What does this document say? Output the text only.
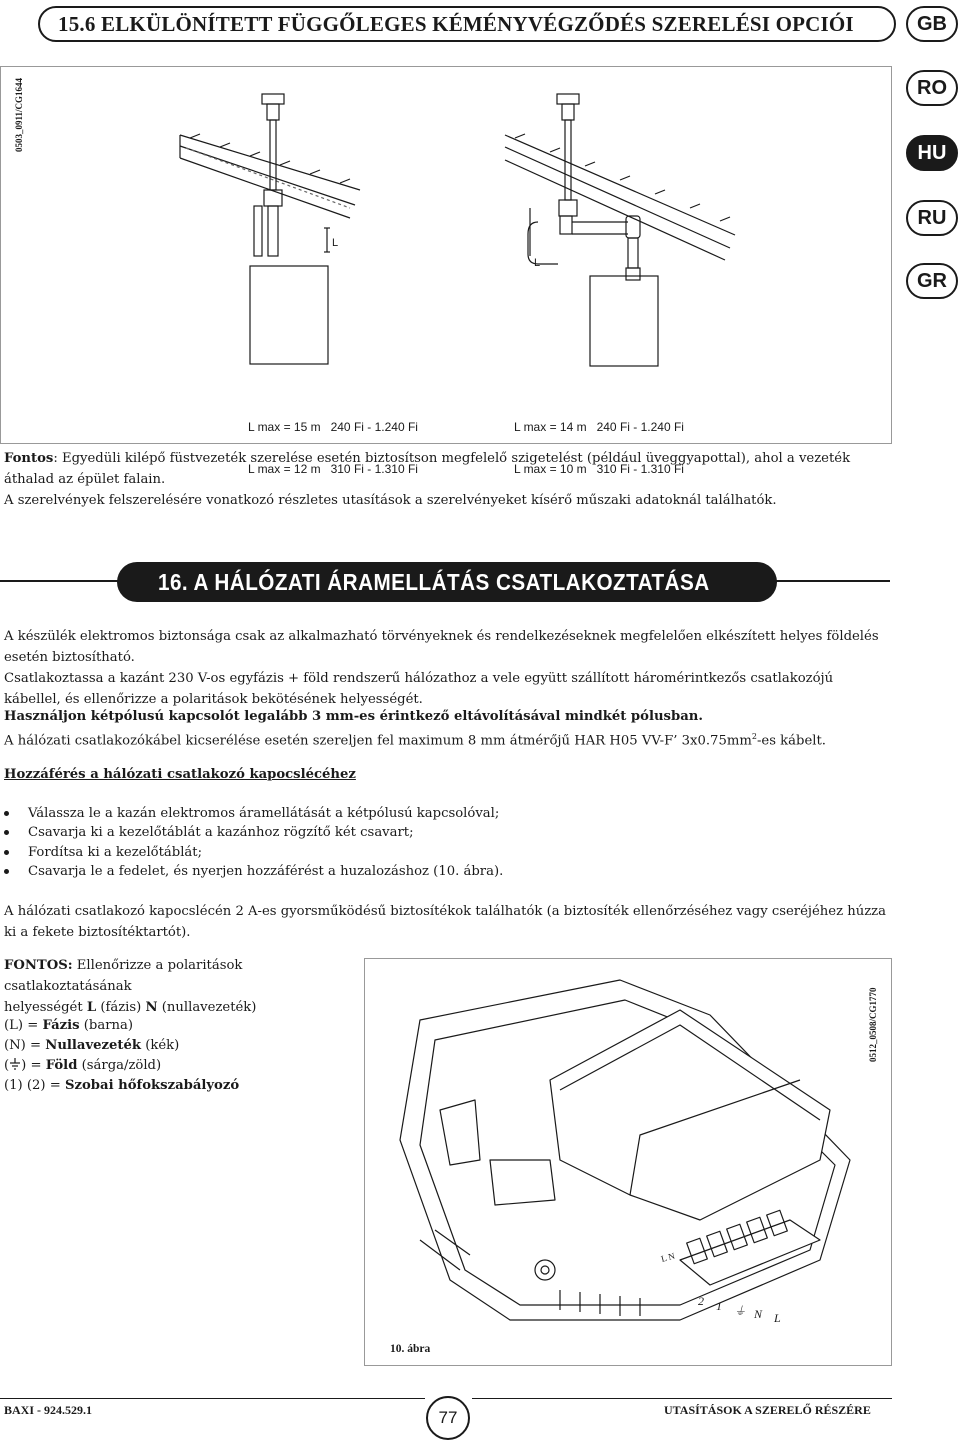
15.6 ELKÜLÖNÍTETT FÜGGŐLEGES KÉMÉNYVÉGZŐDÉS SZERELÉSI OPCIÓI	GB
RO
HU
RU
GR
0503_0911/CG1644
L
L

L max = 15 m   240 Fi - 1.240 Fi

L max = 12 m   310 Fi - 1.310 Fi

L max = 14 m   240 Fi - 1.240 Fi

L max = 10 m   310 Fi - 1.310 Fi

Fontos: Egyedüli kilépő füstvezeték szerelése esetén biztosítson megfelelő szigetelést (például üveggyapottal), ahol a vezeték áthalad az épület falain.
A szerelvények felszerelésére vonatkozó részletes utasítások a szerelvényeket kísérő műszaki adatoknál találhatók.
16. A HÁLÓZATI ÁRAMELLÁTÁS CSATLAKOZTATÁSA
A készülék elektromos biztonsága csak az alkalmazható törvényeknek és rendelkezéseknek megfelelően elkészített helyes földelés esetén biztosítható.
Csatlakoztassa a kazánt 230 V-os egyfázis + föld rendszerű hálózathoz a vele együtt szállított háromérintkezős csatlakozójú kábellel, és ellenőrizze a polaritások bekötésének helyességét.
Használjon kétpólusú kapcsolót legalább 3 mm-es érintkező eltávolításával mindkét pólusban.
A hálózati csatlakozókábel kicserélése esetén szereljen fel maximum 8 mm átmérőjű HAR H05 VV-F’ $3x0.75mm^2-es$ kábelt.
Hozzáférés a hálózati csatlakozó kapocslécéhez
Válassza le a kazán elektromos áramellátását a kétpólusú kapcsolóval;
Csavarja ki a kezelőtáblát a kazánhoz rögzítő két csavart;
Fordítsa ki a kezelőtáblát;
Csavarja le a fedelet, és nyerjen hozzáférést a huzalozáshoz (10. ábra).
A hálózati csatlakozó kapocslécén 2 A-es gyorsműködésű biztosítékok találhatók (a biztosíték ellenőrzéséhez vagy cseréjéhez húzza ki a fekete biztosítéktartót).
FONTOS: Ellenőrizze a polaritások csatlakoztatásának
helyességét L (fázis) N (nullavezeték)
(L) = Fázis (barna)
(N) = Nullavezeték (kék)
( ) = Föld (sárga/zöld)
(1) (2) = Szobai hőfokszabályozó
0512_0508/CG1770
2 1 ⏚ N L
L N
10. ábra
BAXI - 924.529.1	77	UTASÍTÁSOK A SZERELŐ RÉSZÉRE
